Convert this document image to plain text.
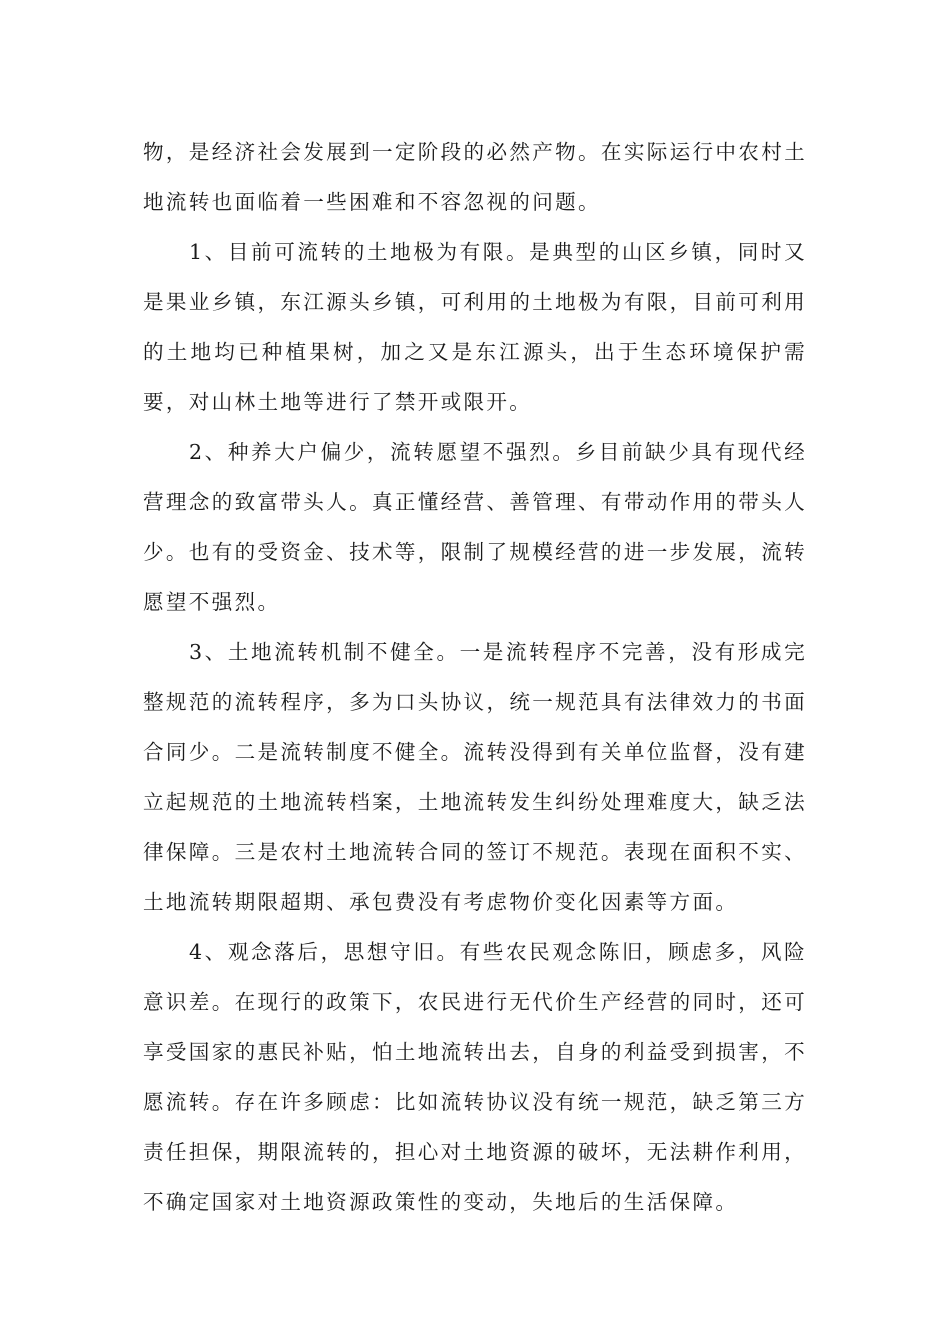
物，是经济社会发展到一定阶段的必然产物。在实际运行中农村土地流转也面临着一些困难和不容忽视的问题。

1、目前可流转的土地极为有限。是典型的山区乡镇，同时又是果业乡镇，东江源头乡镇，可利用的土地极为有限，目前可利用的土地均已种植果树，加之又是东江源头，出于生态环境保护需要，对山林土地等进行了禁开或限开。

2、种养大户偏少，流转愿望不强烈。乡目前缺少具有现代经营理念的致富带头人。真正懂经营、善管理、有带动作用的带头人少。也有的受资金、技术等，限制了规模经营的进一步发展，流转愿望不强烈。

3、土地流转机制不健全。一是流转程序不完善，没有形成完整规范的流转程序，多为口头协议，统一规范具有法律效力的书面合同少。二是流转制度不健全。流转没得到有关单位监督，没有建立起规范的土地流转档案，土地流转发生纠纷处理难度大，缺乏法律保障。三是农村土地流转合同的签订不规范。表现在面积不实、土地流转期限超期、承包费没有考虑物价变化因素等方面。

4、观念落后，思想守旧。有些农民观念陈旧，顾虑多，风险意识差。在现行的政策下，农民进行无代价生产经营的同时，还可享受国家的惠民补贴，怕土地流转出去，自身的利益受到损害，不愿流转。存在许多顾虑：比如流转协议没有统一规范，缺乏第三方责任担保，期限流转的，担心对土地资源的破坏，无法耕作利用，不确定国家对土地资源政策性的变动，失地后的生活保障。
